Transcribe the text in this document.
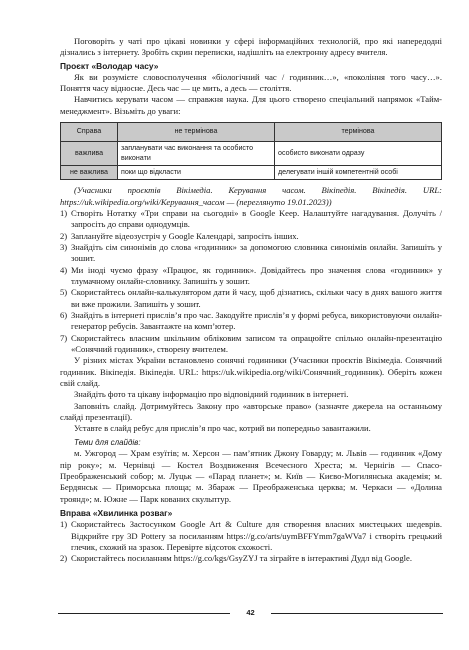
Поговоріть у чаті про цікаві новинки у сфері інформаційних технологій, про які напередодні дізнались з інтернету. Зробіть скрин переписки, надішліть на електронну адресу вчителя.

Проєкт «Володар часу»

Як ви розумієте словосполучення «біологічний час / годинник…», «покоління того часу…». Поняття часу відносне. Десь час — це мить, а десь — століття.

Навчитись керувати часом — справжня наука. Для цього створено спеціальний напрямок «Тайм-менеджмент». Візьміть до уваги:

Справа	не термінова	термінова
важлива	запланувати час виконання та особисто виконати	особисто виконати одразу
не важлива	поки що відкласти	делегувати іншій компетентній особі

(Учасники проєктів Вікімедіа. Керування часом. Вікіпедія. Вікіпедія. URL: https://uk.wikipedia.org/wiki/Керування_часом — (переглянуто 19.01.2023))

1) Створіть Нотатку «Три справи на сьогодні» в Google Keep. Налаштуйте нагадування. Долучіть / запросіть до справи однодумців.
2) Заплануйте відеозустріч у Google Календарі, запросіть інших.
3) Знайдіть сім синонімів до слова «годинник» за допомогою словника синонімів онлайн. Запишіть у зошит.
4) Ми іноді чуємо фразу «Працює, як годинник». Довідайтесь про значення слова «годинник» у тлумачному онлайн-словнику. Запишіть у зошит.
5) Скористайтесь онлайн-калькулятором дати й часу, щоб дізнатись, скільки часу в днях вашого життя ви вже прожили. Запишіть у зошит.
6) Знайдіть в інтернеті прислів’я про час. Закодуйте прислів’я у формі ребуса, використовуючи онлайн-генератор ребусів. Завантажте на комп’ютер.
7) Скористайтесь власним шкільним обліковим записом та опрацюйте спільно онлайн-презентацію «Сонячний годинник», створену вчителем.

У різних містах України встановлено сонячні годинники (Учасники проєктів Вікімедіа. Сонячний годинник. Вікіпедія. Вікіпедія. URL: https://uk.wikipedia.org/wiki/Сонячний_годинник). Оберіть кожен свій слайд.

Знайдіть фото та цікаву інформацію про відповідний годинник в інтернеті.

Заповніть слайд. Дотримуйтесь Закону про «авторське право» (зазначте джерела на останньому слайді презентації).

Уставте в слайд ребус для прислів’я про час, котрий ви попередньо завантажили.

Теми для слайдів:

м. Ужгород — Храм езуїтів; м. Херсон — пам’ятник Джону Говарду; м. Львів — годинник «Дому пір року»; м. Чернівці — Костел Воздвиження Всечесного Хреста; м. Чернігів — Спасо-Преображенський собор; м. Луцьк — «Парад планет»; м. Київ — Києво-Могилянська академія; м. Бердянськ — Приморська площа; м. Збараж — Преображенська церква; м. Черкаси — «Долина троянд»; м. Южне — Парк кованих скульптур.

Вправа «Хвилинка розваг»

1) Скористайтесь Застосунком Google Art & Culture для створення власних мистецьких шедеврів. Відкрийте гру 3D Pottery за посиланням https://g.co/arts/uymBFFYmm7gaWVa7 і створіть грецький глечик, схожий на зразок. Перевірте відсоток схожості.
2) Скористайтесь посиланням https://g.co/kgs/GsyZYJ та зіграйте в інтерактиві Дудл від Google.
42
